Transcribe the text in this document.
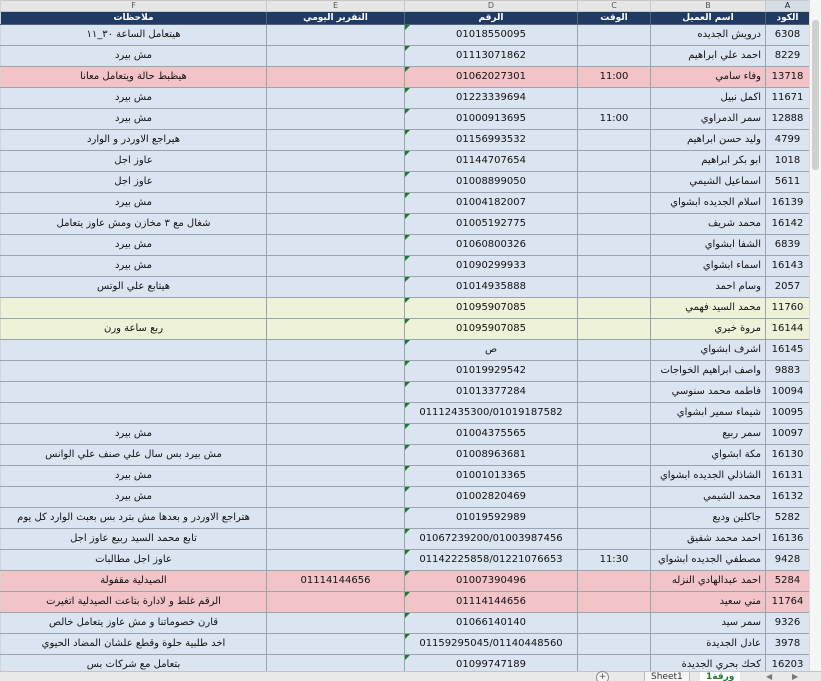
	A	B	C	D	E	F	
	الكود	اسم العميل	الوقت	الرقم	التقرير اليومي	ملاحظات	
	6308	درويش الجديده		01018550095		هيتعامل الساعة ٣٠_١١	
	8229	احمد علي ابراهيم		01113071862		مش بيرد	
	13718	وفاء سامي	11:00	01062027301		هيظبط حالة ويتعامل معانا	
	11671	اكمل نبيل		01223339694		مش بيرد	
	12888	سمر الدمراوي	11:00	01000913695		مش بيرد	
	4799	وليد حسن ابراهيم		01156993532		هيراجع الاوردر و الوارد	
	1018	ابو بكر ابراهيم		01144707654		عاوز اجل	
	5611	اسماعيل الشيمي		01008899050		عاوز اجل	
	16139	اسلام الجديده ابشواي		01004182007		مش بيرد	
	16142	محمد شريف		01005192775		شغال مع ٣ مخازن ومش عاوز يتعامل	
	6839	الشفا ابشواي		01060800326		مش بيرد	
	16143	اسماء ابشواي		01090299933		مش بيرد	
	2057	وسام احمد		01014935888		هيتابع علي الوتس	
	11760	محمد السيد فهمي		01095907085			
	16144	مروة خيري		01095907085		ربع ساعة ورن	
	16145	اشرف ابشواي		ص			
	9883	واصف ابراهيم الخواجات		01019929542			
	10094	فاطمه محمد سنوسي		01013377284			
	10095	شيماء سمير ابشواي		01112435300/01019187582			
	10097	سمر ربيع		01004375565		مش بيرد	
	16130	مكة ابشواي		01008963681		مش بيرد بس سال علي صنف علي الوانس	
	16131	الشاذلي الجديده ابشواي		01001013365		مش بيرد	
	16132	محمد الشيمي		01002820469		مش بيرد	
	5282	جاكلين وديع		01019592989		هتراجع الاوردر و بعدها مش بترد بس بعبث الوارد كل يوم	
	16136	احمد محمد شفيق		01067239200/01003987456		تابع محمد السيد ربيع عاوز اجل	
	9428	مصطفي الجديده ابشواي	11:30	01142225858/01221076653		عاوز اجل مطالبات	
	5284	احمد عبدالهادي النزله		01007390496	01114144656	الصيدلية مقفولة	
	11764	مني سعيد		01114144656		الرقم غلط و لادارة بتاعت الصيدلية اتغيرت	
	9326	سمر سيد		01066140140		قارن خصوماتنا و مش عاوز يتعامل خالص	
	3978	عادل الجديدة		01159295045/01140448560		اخد طلبية حلوة وقطع علشان المضاد الحيوي	
	16203	كحك بحري الجديدة		01099747189		بتعامل مع شركات بس	
+	Sheet1	ورقة1	◀ ▶
